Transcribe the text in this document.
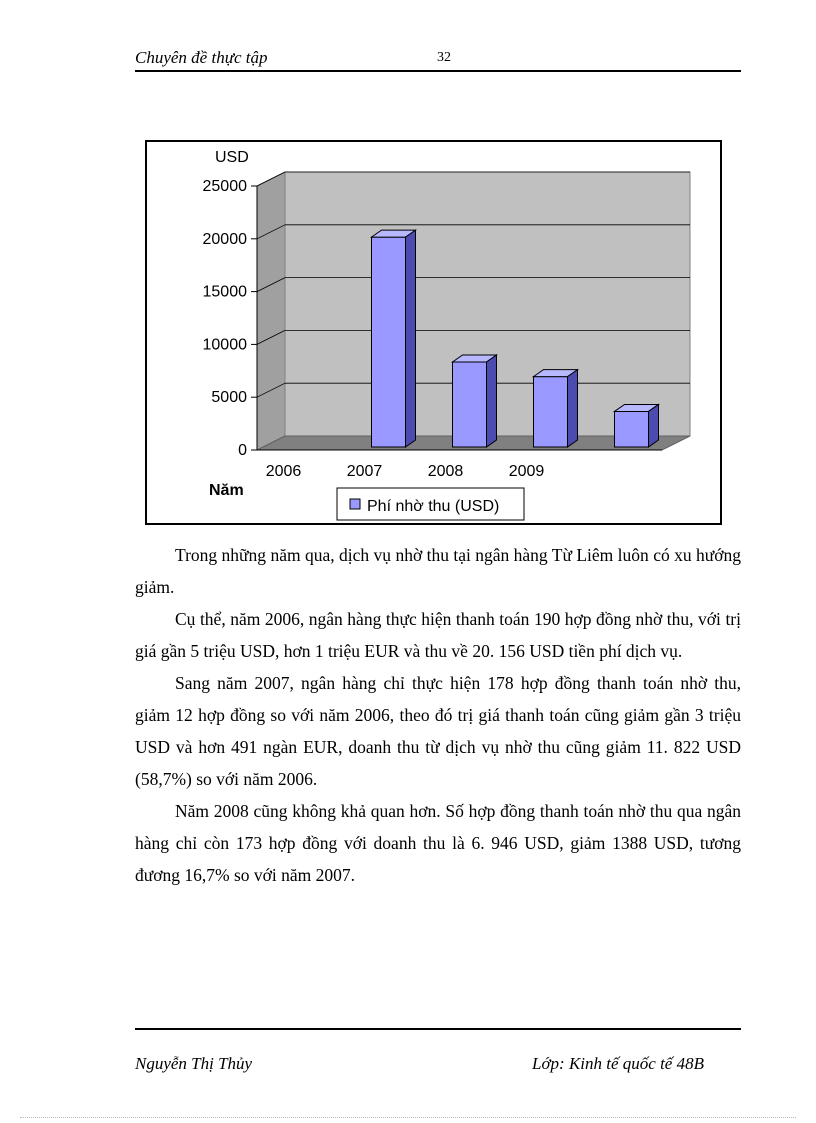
Chuyên đề thực tập	32
USD
0
5000
10000
15000
20000
25000
2006	2007	2008	2009
Năm
Phí nhờ thu (USD)

Trong những năm qua, dịch vụ nhờ thu tại ngân hàng Từ Liêm luôn có xu hướng giảm.

Cụ thể, năm 2006, ngân hàng thực hiện thanh toán 190 hợp đồng nhờ thu, với trị giá gần 5 triệu USD, hơn 1 triệu EUR và thu về 20. 156 USD tiền phí dịch vụ.

Sang năm 2007, ngân hàng chỉ thực hiện 178 hợp đồng thanh toán nhờ thu, giảm 12 hợp đồng so với năm 2006, theo đó trị giá thanh toán cũng giảm gần 3 triệu USD và hơn 491 ngàn EUR, doanh thu từ dịch vụ nhờ thu cũng giảm 11. 822 USD (58,7%) so với năm 2006.

Năm 2008 cũng không khả quan hơn. Số hợp đồng thanh toán nhờ thu qua ngân hàng chỉ còn 173 hợp đồng với doanh thu là 6. 946 USD, giảm 1388 USD, tương đương 16,7% so với năm 2007.

Nguyễn Thị Thủy	Lớp: Kinh tế quốc tế 48B
